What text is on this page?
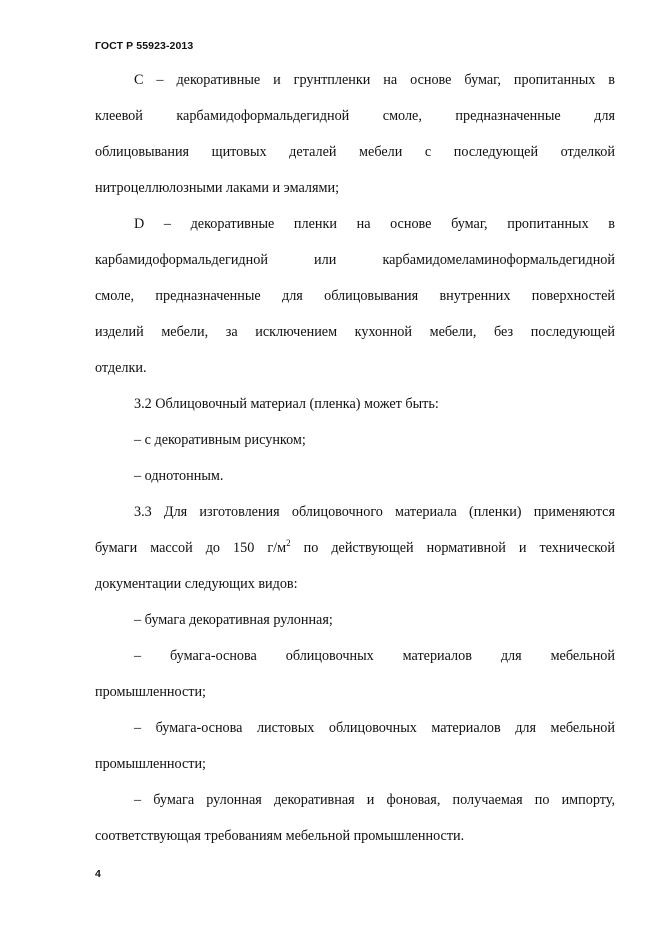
ГОСТ Р 55923-2013
С – декоративные и грунтпленки на основе бумаг, пропитанных в
клеевой карбамидоформальдегидной смоле, предназначенные для
облицовывания щитовых деталей мебели с последующей отделкой
нитроцеллюлозными лаками и эмалями;
D – декоративные пленки на основе бумаг, пропитанных в
карбамидоформальдегидной или карбамидомеламиноформальдегидной
смоле, предназначенные для облицовывания внутренних поверхностей
изделий мебели, за исключением кухонной мебели, без последующей
отделки.
3.2 Облицовочный материал (пленка) может быть:
– с декоративным рисунком;
– однотонным.
3.3 Для изготовления облицовочного материала (пленки) применяются
бумаги массой до 150 $г/м^2$ по действующей нормативной и технической
документации следующих видов:
– бумага декоративная рулонная;
– бумага-основа облицовочных материалов для мебельной
промышленности;
– бумага-основа листовых облицовочных материалов для мебельной
промышленности;
– бумага рулонная декоративная и фоновая, получаемая по импорту,
соответствующая требованиям мебельной промышленности.
4
